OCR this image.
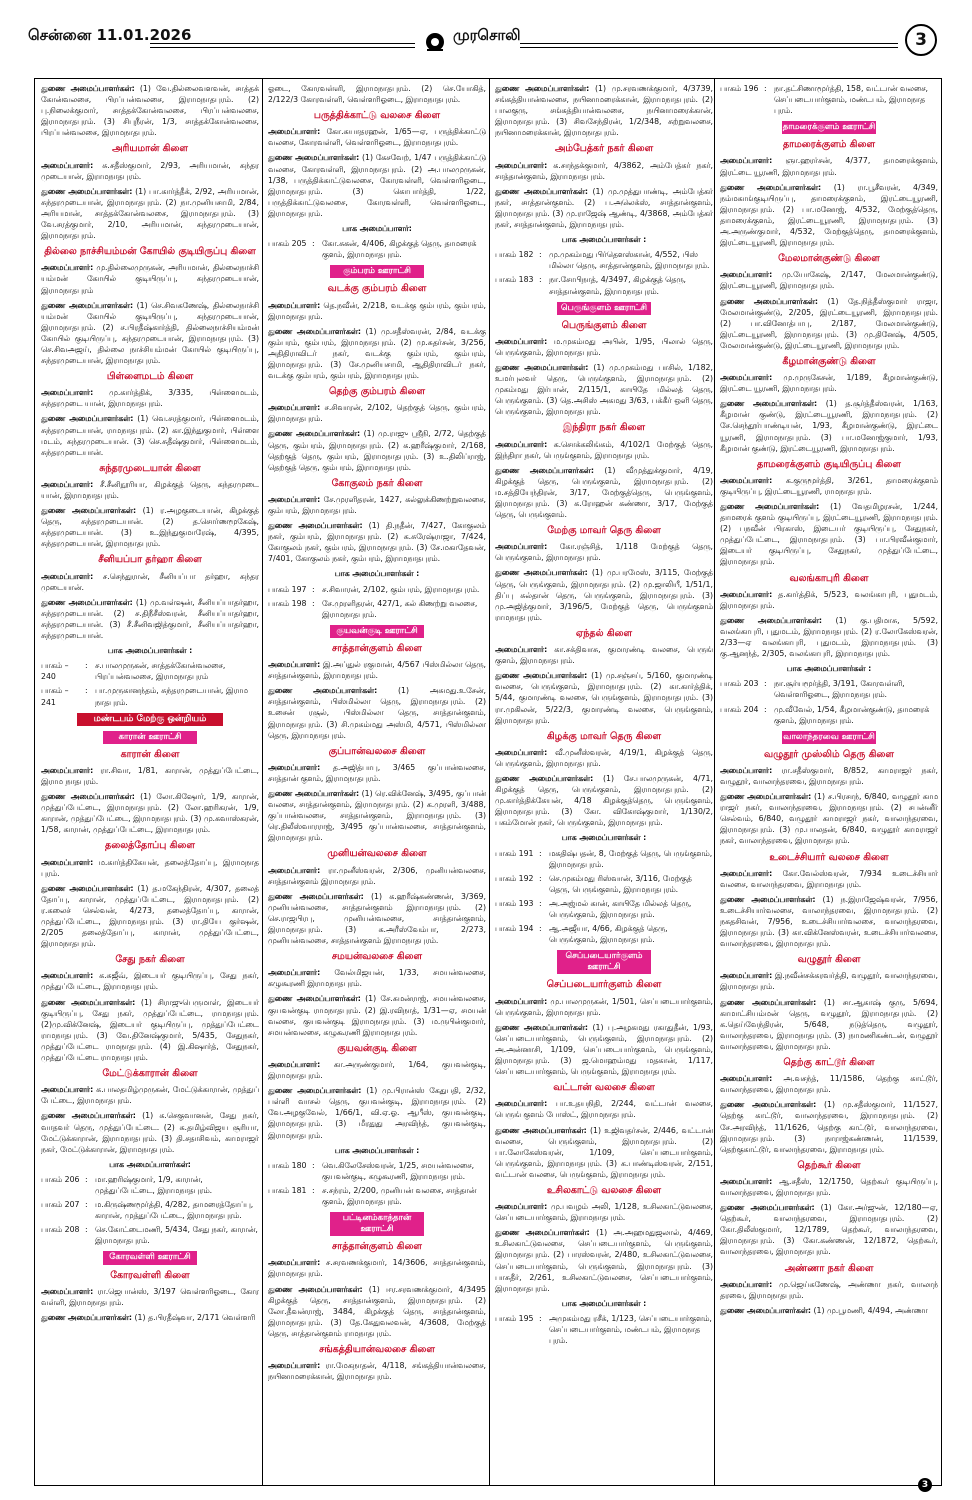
சென்னை 11.01.2026	முரசொலி	3

துணை அமைப்பாளர்கள்: (1) வே.தில்லைவளவன், சாத்தக் கோன்வலசை, பிரப்பன்வலசை, இராமநாதபுரம். (2) பு.நிலைக்குமார், சாத்தக்கோன்வலசை, பிரப்பன்வலசை, இராமநாதபுரம். (3) சிபுநீரன், 1/3, சாத்தக்கோன்வலசை, பிரப்பன்வலசை, இராமநாதபுரம்.

அரியமான் கிளை

அமைப்பாளர்: சு.சதீஸ்குமார், 2/93, அரியமான், சுந்தர முடையான், இராமநாதபுரம்.

துணை அமைப்பாளர்கள்: (1) பா.கார்த்தீக், 2/92, அரியமான், சுந்தரமுடையான், இராமநாதபுரம். (2) நா.முனியசாமி, 2/84, அரியமான், சாத்தக்கோன்வலசை, இராமநாதபுரம். (3) வே.சரத்குமார், 2/10, அரியமான், சுந்தரமுடையான், இராமநாதபுரம்.

தில்லை நாச்சியம்மன் கோயில் குடியிருப்பு கிளை

அமைப்பாளர்: மு.தில்லைமுருகன், அரியமான், தில்லைநாச்சி யம்மன் கோயில் குடியிருப்பு, சுந்தரமுடையான், இராமநாதபுரம்

துணை அமைப்பாளர்கள்: (1) செ.சிவகணேஷ், தில்லைநாச்சி யம்மன் கோயில் குடியிருப்பு, சுந்தரமுடையான், இராமநாதபுரம். (2) ச.பிரதீஷ்கார்த்தி, தில்லைநாச்சியம்மன் கோயில் குடியிருப்பு, சுந்தரமுடையான், இராமநாதபுரம். (3) செ.சிவஅஜய், தில்லை நாச்சியம்மன் கோயில் குடியிருப்பு, சுந்தரமுடையான், இராமநாதபுரம்.

பிள்ளைமடம் கிளை

அமைப்பாளர்: மு.கார்த்திக், 3/335, பிள்ளைமடம், சுந்தரமுடை யான், இராமநாதபுரம்.

துணை அமைப்பாளர்கள்: (1) வெ.சரத்குமார், பிள்ளைமடம், சுந்தரமுடையான், ராமநாதபுரம். (2) கா.இந்துகுமார், பிள்ளை மடம், சுந்தரமுடையான். (3) செ.சுதீஷ்குமார், பிள்ளைமடம், சுந்தரமுடையான்.

சுந்தரமுடையான் கிளை

அமைப்பாளர்: சீ.சீனிநூரியா, கிழக்குத் தெரு, சுந்தரமுடை யான், இராமநாதபுரம்.

துணை அமைப்பாளர்கள்: (1) ர.அழகுடையான், கிழக்குத் தெரு, சுந்தரமுடையான். (2) த.சொர்ணமூகேஷ், சுந்தரமுடையான். (3) உ.இந்துகுமாரேஷ், 4/395, சுந்தரமுடையான், இராமநாதபுரம்.

சீனியப்பா தர்ஹா கிளை

அமைப்பாளர்: ச.செந்துரான், சீனியப்பா தர்ஹா, சுந்தர முடையான்.

துணை அமைப்பாளர்கள்: (1) மு.வள்ஷன், சீனியப்பாதர்ஹா, சுந்தரமுடையான். (2) ச.திநீசீஸ்வரன், சீனியப்பாதர்ஹா, சுந்தரமுடையான். (3) சீ.சீனிவஜித்குமார், சீனியப்பாதர்ஹா, சுந்தரமுடையான்.

பாக அமைப்பாளர்கள் :
பாகம் – 240
: ச.பாலமுருகன், சாத்தக்கோன்வலசை, பிரப்பன்வலசை, இராமநாதபுரம்
பாகம் – 241
: பா.முருகானந்தம், சுந்தரமுடையான், இராம நாதபுரம்.
மண்டபம் மேற்கு ஒன்றியம்
காரான் ஊராட்சி
காரான் கிளை

அமைப்பாளர்: ரா.சிவா, 1/81, காரான், முத்துப்பேட்டை, இராம நாதபுரம்.

துணை அமைப்பாளர்கள்: (1) லோ.கிஷோர், 1/9, காரான், முத்துப்பேட்டை, இராமநாதபுரம். (2) லோ.ஹரிகரன், 1/9, காரான், முத்துப்பேட்டை, இராமநாதபுரம். (3) மு.கவாஸ்கரன், 1/58, காரான், முத்துப்பேட்டை, இராமநாதபுரம்.

தலைத்தோப்பு கிளை

அமைப்பாளர்: ம.கார்த்திகேயன், தலைத்தோப்பு, இராமநாத புரம்.

துணை அமைப்பாளர்கள்: (1) த.மகேந்திரன், 4/307, தலைத் தோப்பு, காரான், முத்துப்பேட்டை, இராமநாதபுரம். (2) ர.கலைச் செல்வன், 4/273, தலைத்தோப்பு, காரான், முத்துப்பேட்டை, இராமநாதபுரம். (3) ரா.தியே குர்ஷன், 2/205 தலைத்தோப்பு, காரான், முத்துப்பேட்டை, இராமநாதபுரம்.

சேது நகர் கிளை

அமைப்பாளர்: க.சுஜீவ், இடையர் குடியிருப்பு, சேது நகர், முத்துப்பேட்டை, இராமநாதபுரம்.

துணை அமைப்பாளர்கள்: (1) சிராஜுபெருமாள், இடையர் குடியிருப்பு, சேது நகர், முத்துப்பேட்டை, ராமநாதபுரம். (2)மு.விக்னேஷ், இடையர் குடியிருப்பு, முத்துப்பேட்டை ராமநாதபுரம். (3) வே.தினேஷ்குமார், 5/435, சேதுநகர், முத்துப்பேட்டை ராமநாதபுரம். (4) இ.கிஷார்த், சேதுநகர், முத்துப்பேட்டை ராமநாதபுரம்.

மேட்டுக்காரான் கிளை

அமைப்பாளர்: க.பாலதமிழ்முருகன், மேட்டுக்காரான், முத்துப் பேட்டை, இராமநாதபுரம்.

துணை அமைப்பாளர்கள்: (1) க.செகுவானன், சேது நகர், வாதவர் தெரு, முத்துப்பேட்டை. (2) க.தமிழ்விஜய சூரியா, மேட்டுக்காரான், இராமநாதபுரம். (3) தி.சதாசிவம், காமராஜர் நகர், மேட்டுக்காரான், இராமநாதபுரம்.

பாக அமைப்பாளர்கள்:
பாகம் 206 : மா.ஹரிஷ்குமார், 1/9, காரான், முத்துப்பேட்டை, இராமநாதபுரம்.
பாகம் 207 : ம.கிருஷ்ணமூர்த்தி, 4/282, தாமரைத்தோப்பு, காரான், முத்துப்பேட்டை, இராமநாதபுரம்.
பாகம் 208 : செ.கோட்டைமணி, 5/434, சேது நகர், காரான், இராமநாதபுரம்.
கோரவள்ளி ஊராட்சி
கோரவள்ளி கிளை

அமைப்பாளர்: ரா.ஜெபான்ஸ், 3/197 வெள்ளரிஓடை, கோர வள்ளி, இராமநாதபுரம்.

துணை அமைப்பாளர்கள்: (1) த.பிரதீஷ்வா, 2/171 வெள்ளரி

ஓடை, கோரவள்ளி, இராமநாதபுரம். (2) செ.யோகித், 2/122/3 கோரவள்ளி, வெள்ளரிஓடை, இராமநாதபுரம்.

பருத்திக்காட்டு வலசை கிளை

அமைப்பாளர்: கோ.கயாதரஹன், 1/65—ஏ, பருத்திக்காட்டு வலசை, கோரவள்ளி, வெள்ளரிஓடை, இராமநாதபுரம்.

துணை அமைப்பாளர்கள்: (1) கேசவேற், 1/47 பருத்திக்காட்டு வலசை, கோரவள்ளி, இராமநாதபுரம். (2) அ.பாலமுருகன், 1/38, பருத்திக்காட்டுவலசை, கோரவள்ளி, வெள்ளரிஓடை, இராமநாதபுரம். (3) கொபார்த்தி, 1/22, பருத்திக்காட்டுவலசை, கோரவள்ளி, வெள்ளரிஓடை, இராமநாதபுரம்.

பாக அமைப்பாளர்:
பாகம் 205 : கோ.சுகன், 4/406, கிழக்குத் தெரு, தாமரைக் குளம், இராமநாதபுரம்.
கும்பரம் ஊராட்சி
வடக்கு கும்பரம் கிளை

அமைப்பாளர்: தெ.நவீன், 2/218, வடக்கு கும்பரம், கும்பரம், இராமநாதபுரம்.

துணை அமைப்பாளர்கள்: (1) மு.சதீஸ்வரன், 2/84, வடக்கு கும்பரம், கும்பரம், இராமநாதபுரம். (2) மு.சுதர்சன், 3/256, அதிதிராவிடர் நகர், வடக்கு கும்பரம், கும்பரம், இராமநாதபுரம். (3) சே.முனியசாமி, ஆதிதிராவிடர் நகர், வடக்கு கும்பரம், கும்பரம், இராமநாதபுரம்.

தெற்கு கும்பரம் கிளை

அமைப்பாளர்: ச.சிவாரன், 2/102, தெற்குத் தெரு, கும்பரம், இராமநாதபுரம்.

துணை அமைப்பாளர்கள்: (1) மு.ராஜு ஸ்ரீநி, 2/72, தெற்குத் தெரு, கும்பரம், இராமநாதபுரம். (2) க.ஹரீஷ்குமார், 2/168, தெற்குத் தெரு, கும்பரம், இராமநாதபுரம். (3) உ.திலிப்ராஜ், தெற்குத் தெரு, கும்பரம், இராமநாதபுரம்.

கோகுலம் நகர் கிளை

அமைப்பாளர்: சே.முரளிதரன், 1427, கல்லுக்கிணற்றுவலசை, கும்பரம், இராமநாதபுரம்.

துணை அமைப்பாளர்கள்: (1) தி.நதீன், 7/427, கோகுலம் நகர், கும்பரம், இராமநாதபுரம். (2) க.சுரேஷ்ராஜா, 7/424, கோகுலம் நகர், கும்பரம், இராமநாதபுரம். (3) சே.மகாதேவன், 7/401, கோகுலம் நகர், கும்பரம், இராமநாதபுரம்.

பாக அமைப்பாளர்கள் :
பாகம் 197 : ச.சிவாரன், 2/102, கும்பரம், இராமநாதபுரம்.
பாகம் 198 : சே.முரளிதரன், 427/1, கல் கிணற்று வலசை, இராமநாதபுரம்.
குயவன்குடி ஊராட்சி
சாத்தான்குளம் கிளை

அமைப்பாளர்: இ.அப்துல் ரகுமான், 4/567 பிஸ்மில்லா தெரு, சாத்தான்குளம், இராமநாதபுரம்.

துணை அமைப்பாளர்கள்:	(1) அசுமது.உசேன், சாத்தான்குளம், பிஸ்மில்லா தெரு, இராமநாதபுரம். (2) உசைன் ரசூல், பிஸ்மில்லா தெரு, சாத்தான்குளம், இராமநாதபுரம். (3) சி.முகம்மது அஸ்மி, 4/571, பிஸ்மில்லா தெரு, இராமநாதபுரம்.

குப்பான்வலசை கிளை

அமைப்பாளர்: த.அஜித்பாபு, 3/465 குப்பான்வலசை, சாத்தான் குளம், இராமநாதபுரம்.

துணை அமைப்பாளர்கள்: (1) ரெ.விக்னேஷ், 3/495, குப்பான் வலசை, சாத்தான்குளம், இராமநாதபுரம். (2) க.முரளி, 3/488, குப்பான்வலசை, சாத்தான்குளம், இராமநாதபுரம். (3) ரெ.திலீஸ்வாரராஜ், 3/495 குப்பான்வலசை, சாத்தான்குளம், இராமநாதபுரம்.

முனியன்வலசை கிளை

அமைப்பாளர்: ரா.முனீஸ்வரன், 2/306, முனியன்வலசை, சாத்தான்குளம் இராமநாதபுரம்.

துணை அமைப்பாளர்கள்: (1) க.ஹரீஷ்கண்ணன், 3/369, முனியன்வலசை, சாத்தான்குளம் இராமநாதபுரம். (2) செ.ராஜபிரபு, முனியன்வலசை, சாத்தான்குளம், இராமநாதபுரம். (3) க.அரீஸ்வேம்பா, 2/273, முனியன்வலசை, சாத்தான்குளம் இராமநாதபுரம்.

சமயன்வலசை கிளை

அமைப்பாளர்: வேல்மிஜயன், 1/33, சமயன்வலசை, கழுகூரணி இராமநாதபுரம்.

துணை அமைப்பாளர்கள்: (1) சே.சுமன்ராஜ், சமயன்வலசை, குயவன்குடி ராமநாதபுரம். (2) இ.ரவிநாத், 1/31—ஏ, சமயன் வலசை, குயவன்குடி இராமநாதபுரம். (3) ம.ருபின்குமார், சமயன்வலசை, கழுகூரணி இராமநாதபுரம்.

குயவன்குடி கிளை

அமைப்பாளர்: கா.அருண்குமார், 1/64, குயவன்குடி, இராமநாதபுரம்.

துணை அமைப்பாளர்கள்: (1) மு.பிரான்ஸ் கேதுபதி, 2/32, பள்ளி வாசல் தெரு, குயவன்குடி, இராமநாதபுரம். (2) வே.அழகுவேல், 1/66/1, வி.ஏ.ஓ. ஆபீஸ், குயவன்குடி, இராமநாதபுரம். (3) மீரதுது அரவிந்த், குயவன்குடி, இராமநாதபுரம்.

பாக அமைப்பாளர்கள் :
பாகம் 180 : வெ.கிலேசேஸ்வரன், 1/25, சமயன்வலசை, குயவன்குடி, கழுகூரணி, இராமநாதபுரம்.
பாகம் 181 : ச.சந்ரம், 2/200, முனியன் வலசை, சாத்தான் குளம், இராமநாதபுரம்.
பட்டினம்காத்தான் ஊராட்சி
சாத்தான்குளம் கிளை

அமைப்பாளர்: ச.சரவணக்குமார், 14/3606, சாத்தான்குளம், இராமநாதபுரம்.

துணை அமைப்பாளர்கள்: (1) ஈர.சரவணக்குமார், 4/3495 கிழக்குத் தெரு, சாத்தான்குளம், இராமநாதபுரம். (2) லோ.தீவன்ராஜ், 3484, கிழக்குத் தெரு, சாத்தான்குளம், இராமநாதபுரம். (3) தே.கேதுவலவன், 4/3608, மேற்குத் தெரு, சாத்தான்குளம் ராமநாதபுரம்.

சங்கத்தியான்வலசை கிளை

அமைப்பாளர்: ரா.மேகநாதன், 4/118, சங்கத்தியான்வலசை, நயினாமரைக்கான், இராமநாதபுரம்.

துணை அமைப்பாளர்கள்: (1) மு.சரவணக்குமார், 4/3739, சங்கத்தியான்வலசை, நயினாமரைக்கான், இராமநாதபுரம். (2) பாலகுரு, சங்கத்தியான்வலசை, நயினாமரைக்கான், இராமநாதபுரம். (3) சிவசேந்திரன், 1/2/348, சுற்றுவலசை, நயினாமரைக்கான், இராமநாதபுரம்.

அம்பேத்கர் நகர் கிளை

அமைப்பாளர்: க.சாந்தக்குமார், 4/3862, அம்பேத்கர் நகர், சாத்தான்குளம், இராமநாதபுரம்.

துணை அமைப்பாளர்கள்: (1) மு.முத்துபாண்டி, அம்பேத்கர் நகர், சாத்தான்குளம். (2) ப.அலெக்ஸ், சாத்தான்குளம், இராமநாதபுரம். (3) மு.ராஜேஷ் ஆண்டி, 4/3868, அம்பேத்கர் நகர், சாத்தான்குளம், இராமநாதபுரம்.

பாக அமைப்பாளர்கள் :
பாகம் 182 : மு.முகம்மது பிர்தௌஸ்கான், 4/552, பிஸ் மில்லா தெரு, சாத்தான்குளம், இராமநாதபுரம்.
பாகம் 183 : நா.சோபிநாத், 4/3497, கிழக்குத் தெரு, சாத்தான்குளம், இராமநாதபுரம்.
பெருங்குளம் ஊராட்சி
பெருங்குளம் கிளை

அமைப்பாளர்: ம.முகம்மது அபின், 1/95, பிலால் தெரு, பெருங்குளம், இராமநாதபுரம்.

துணை அமைப்பாளர்கள்: (1) மு.முகம்மது பாசில், 1/182, உமர்புலவர் தெரு, பெருங்குளம், இராமநாதபுரம். (2) முகம்மது இர்பான், 2/115/1, காயிதே மில்லத் தெரு, பெருங்குளம். (3) தெ.அசிஸ் அகமது 3/63, பக்கீர் ஒளி தெரு, பெருங்குளம், இராமநாதபுரம்.

இந்திரா நகர் கிளை

அமைப்பாளர்: க.சொக்கலிங்கம், 4/102/1 மேற்குத் தெரு, இந்திரா நகர், பெருங்குளம், இராமநாதபுரம்.

துணை அமைப்பாளர்கள்: (1) வீமுத்துக்குமார், 4/19, கிழக்குத் தெரு, பெருங்குளம், இராமநாதபுரம். (2) ம.சத்தியேந்திரன், 3/17, மேற்குத்தெரு, பெருங்குளம், இராமநாதபுரம். (3) க.ரோஹன் கண்ணா, 3/17, மேற்குத் தெரு, பெருங்குளம்.

மேற்கு மாவர் தெரு கிளை

அமைப்பாளர்: கோ.ரஞ்சித், 1/118 மேற்குத் தெரு, பெருங்குளம், இராமநாதபுரம்.

துணை அமைப்பாளர்கள்: (1) மு.பரமேஸ், 3/115, மேற்குத் தெரு, பெருங்குளம், இராமநாதபுரம். (2) மு.ஜாலியீ, 1/51/1, திப்பு சுல்தான் தெரு, பெருங்குளம், இராமநாதபுரம். (3) மு.அஜித்குமார், 3/196/5, மேற்குத் தெரு, பெருங்குளம் ராமநாதபுரம்.

ஏந்தல் கிளை

அமைப்பாளர்: கா.சக்திவாசு, குமாரண்டி வலசை, பெருங் குளம், இராமநாதபுரம்.

துணை அமைப்பாளர்கள்: (1) மு.சஞ்சய், 5/160, குமாரண்டி வலசை, பெருங்குளம், இராமநாதபுரம். (2) கா.கார்த்திக், 5/44, குமாரண்டி வலசை, பெருங்குளம், இராமநாதபுரம். (3) ரா.முகிலன், 5/22/3, குமாரண்டி வலசை, பெருங்குளம், இராமநாதபுரம்.

கிழக்கு மாவர் தெரு கிளை

அமைப்பாளர்: வீ.முனீஸ்வரன், 4/19/1, கிழக்குத் தெரு, பெருங்குளம், இராமநாதபுரம்.

துணை அமைப்பாளர்கள்: (1) சே.பாலமுருகன், 4/71, கிழக்குத் தெரு, பெருங்குளம், இராமநாதபுரம். (2) மு.கார்த்திக்கேயன், 4/18 கிழக்குத்தெரு, பெருங்குளம், இராமநாதபுரம். (3) கோ. விகோஷ்குமார், 1/130/2, பகம்மோன் நகர், பெருங்குளம், இராமநாதபுரம்.

பாக அமைப்பாளர்கள் :
பாகம் 191 : மகதிஷ்பதன், 8, மேற்குத் தெரு, பெருங்குளம், இராமநாதபுரம்.
பாகம் 192 : செ.முகம்மது ரிஸ்வான், 3/116, மேற்குத் தெரு, பெருங்குளம், இராமநாதபுரம்.
பாகம் 193 : அ.அஜ்மல் கான், காயிதே மில்லத் தெரு, பெருங்குளம், இராமநாதபுரம்.
பாகம் 194 : ஆ.அஜீயா, 4/66, கிழக்குத் தெரு, பெருங்குளம், இராமநாதபுரம்.
செப்படையார்குளம் ஊராட்சி
செப்படையார்குளம் கிளை

அமைப்பாளர்: மு.பாலமுருகன், 1/501, செப்படையார்குளம், பெருங்குளம், இராமநாதபுரம்.

துணை அமைப்பாளர்கள்: (1) பு.அழகமது ரகாதுதீன், 1/93, செப்படையார்குளம், பெருங்குளம், இராமநாதபுரம். (2) அ.அன்னாசி, 1/109, செப்படையார்குளம், பெருங்குளம், இராமநாதபுரம். (3) ஜ.மொஹம்மது மதகான், 1/117, செப்படையார்குளம், பெருங்குளம், இராமநாதபுரம்.

வட்டான் வலசை கிளை

அமைப்பாளர்: பா.உதயநிதி, 2/244, வட்டான் வலசை, பெருங் குளம் போஸ்ட், இராமநாதபுரம்.

துணை அமைப்பாளர்கள்: (1) உஜிவதர்சன், 2/446, வட்டான் வலசை, பெருங்குளம், இராமநாதபுரம். (2) பா.லோகேஸ்வரன், 1/109, செப்படையார்குளம், பெருங்குளம், இராமநாதபுரம். (3) க.பாண்டிஸ்வரன், 2/151, வட்டான் வலசை, பெருங்குளம், இராமநாதபுரம்.

உசிலகாட்டு வலசை கிளை

அமைப்பாளர்: மு.பவழம் அலி, 1/128, உசிலகாட்டுவலசை, செப்படையார்குளம், இராமநாதபுரம்.

துணை அமைப்பாளர்கள்: (1) அ.அஹமதுஜலால், 4/469, உசிலகாட்டுவலசை, செப்படையார்குளம், பெருங்குளம், இராமநாதபுரம். (2) பாரஸ்வரன், 2/480, உசிலகாட்டுவலசை, செப்படையார்குளம், பெருங்குளம், இராமநாதபுரம். (3) பாசுதீர், 2/261, உசிலகாட்டுவலசை, செப்படையார்குளம், இராமநாதபுரம்.

பாக அமைப்பாளர்கள் :
பாகம் 195 : அமுகம்மது ரசீக், 1/123, செப்படையார்குளம், செப்படையார்குளம், மண்டபம், இராமநாத புரம்.
பாகம் 196 : நா.தட்சிணாமூர்த்தி, 158, வட்டான் வலசை, செப்படையார்குளம், மண்டபம், இராமநாத புரம்.
தாமரைக்குளம் ஊராட்சி
தாமரைக்குளம் கிளை

அமைப்பாளர்: ஞா.ஹரர்சன், 4/377, தாமரைக்குளம், இரட்டை யூரணி, இராமநாதபுரம்.

துணை அமைப்பாளர்கள்: (1) ரா.பூசீவரன், 4/349, நம்மகாங்குடியிருப்பு, தாமரைக்குளம், இரட்டையூரணி, இராமநாதபுரம். (2) பா.மனோஜ், 4/532, மேற்குத்தெரு, தாமரைக்குளம், இரட்டையூரணி, இராமநாதபுரம். (3) அ.அருண்குமார், 4/532, மேற்குத்தெரு, தாமரைக்குளம், இரட்டையூரணி, இராமநாதபுரம்.

மேலமான்குண்டு கிளை

அமைப்பாளர்: மு.யோகேஷ், 2/147, மேலமான்குண்டு, இரட்டையூரணி, இராமநாதபுரம்.

துணை அமைப்பாளர்கள்: (1) தே.நித்தீஸ்குமார் ராஜா, மேலமான்குண்டு, 2/205, இரட்டையூரணி, இராமநாதபுரம். (2) பா.வினோத்பாபு, 2/187, மேலமான்குண்டு, இரட்டையூரணி, இராமநாதபுரம். (3) மு.தினேஷ், 4/505, மேலமான்குண்டு, இரட்டையூரணி, இராமநாதபுரம்.

கீழமான்குண்டு கிளை

அமைப்பாளர்: மு.முருகேசன், 1/189, கீழமான்குண்டு, இரட்டை யூரணி, இராமநாதபுரம்.

துணை அமைப்பாளர்கள்: (1) த.சூர்த்தீஸ்வரன், 1/163, கீழமான் குண்டு, இரட்டையூரணி, இராமநாதபுரம். (2) சே.செந்தூர்பாண்டியன், 1/93, கீழமான்குண்டு, இரட்டை யூரணி, இராமநாதபுரம். (3) பா.மனோஜ்குமார், 1/93, கீழமான் குண்டு, இரட்டையூரணி, இராமநாதபுரம்.

தாமரைக்குளம் குடியிருப்பு கிளை

அமைப்பாளர்: க.குருமூர்த்தி, 3/261, தாமரைக்குளம் குடியிருப்பு, இரட்டையூரணி, ராமநாதபுரம்.

துணை அமைப்பாளர்கள்: (1) வேதமிழரசன், 1/244, தாமரைக் குளம் குடியிருப்பு, இரட்டையூரணி, இராமநாதபுரம். (2) பநவீன் பிரகாஸ், இடையர் குடியிருப்பு, சேதுநகர், முத்துப்பேட்டை, இராமநாதபுரம். (3) பா.பிரவீன்குமார், இடையர் குடியிருப்பு, சேதுநகர், முத்துப்பேட்டை, இராமநாதபுரம்.

வலங்காபுரி கிளை

அமைப்பாளர்: த.கார்த்திக், 5/523, வலங்காபுரி, புதுமடம், இராமநாதபுரம்.

துணை அமைப்பாளர்கள்: (1) கு.பதிமாசு, 5/592, வலங்காபுரி, புதுமடம், இராமநாதபுரம். (2) ர.லோகேஸ்வரன், 2/33—ஏ வலங்காபுரி, புதுமடம், இராமநாதபுரம். (3) கு.ஆனந்த், 2/305, வலங்காபுரி, இராமநாதபுரம்.

பாக அமைப்பாளர்கள் :
பாகம் 203 : நா.சூர்யமூர்த்தி, 3/191, கோரவள்ளி, வெள்ளரிஓடை, இராமநாதபுரம்.
பாகம் 204 : மு.வீவேல், 1/54, கீழமான்குண்டு, தாமரைக் குளம், இராமநாதபுரம்.
வாலாந்தரவை ஊராட்சி
வழுதூர் முஸ்லிம் தெரு கிளை

அமைப்பாளர்: ரா.சதீஸ்குமார், 8/852, காமராஜர் நகர், வழுதூர், வாலாந்தரவை, இராமநாதபுரம்.

துணை அமைப்பாளர்கள்: (1) ச.பிரசாந், 6/840, வழுதூர் காம ராஜர் நகர், வாலாந்தரவை, இராமநாதபுரம். (2) சபன்னீர் செல்வம், 6/840, வழுதூர் காமராஜர் நகர், வாலாந்தரவை, இராமநாதபுரம். (3) மு.பாலதன், 6/840, வழுதூர் காமராஜர் நகர், வாலாந்தரவை, இராமநாதபுரம்.

உடைச்சியார் வலசை கிளை

அமைப்பாளர்: கோ.வேல்ஸ்வரன், 7/934 உடைச்சியார் வலசை, வாலாந்தரவை, இராமநாதபுரம்.

துணை அமைப்பாளர்கள்: (1) ந.இராஜேஷ்வரன், 7/956, உடைச்சியார்வலசை, வாலாந்தரவை, இராமநாதபுரம். (2) நகதசிவன், 7/956, உடைச்சியார்வலசை, வாலாந்தரவை, இராமநாதபுரம். (3) கா.விக்னேஸ்வரன், உடைச்சியார்வலசை, வாலாந்தரவை, இராமநாதபுரம்.

வழுதூர் கிளை

அமைப்பாளர்: இ.நவீன்சக்கரவர்த்தி, வழுதூர், வாலாந்தரவை, இராமநாதபுரம்.

துணை அமைப்பாளர்கள்: (1) சா.ஆகாஷ் குரு, 5/694, காமாட்சியம்மன் தெரு, வழுதூர், இராமநாதபுரம். (2) க.தெய்வேந்திரன், 5/648, நடுத்தெரு, வழுதூர், வாலாந்தரவை, இராமநாதபுரம். (3) நாமணிகண்டன், வழுதூர் வாலாந்தரவை, இராமநாதபுரம்.

தெற்கு காட்டூர் கிளை

அமைப்பாளர்: அ.வசந்த், 11/1586, தெற்கு காட்டூர், வாலாந்தரவை, இராமநாதபுரம்.

துணை அமைப்பாளர்கள்: (1) மு.சதீஸ்குமார், 11/1527, தெற்கு காட்டூர், வாலாந்தரவை, இராமநாதபுரம். (2) சே.அரவிந்த், 11/1626, தெற்கு காட்டூர், வாலாந்தரவை, இராமநாதபுரம். (3) நாராஜ்கண்ணன், 11/1539, தெற்குகாட்டூர், வாலாந்தரவை, இராமநாதபுரம்.

தெற்கூர் கிளை

அமைப்பாளர்: ஆ.சதீஸ், 12/1750, தெற்கூர் குடியிருப்பு, வாலாந்தரவை, இராமநாதபுரம்.

துணை அமைப்பாளர்கள்: (1) கோ.அர்ஜுன், 12/180—ஏ, தெற்கூர், வாலாந்தரவை, இராமநாதபுரம். (2) கோ.திலீஸ்குமார், 12/1789, தெற்கூர், வாலாந்தரவை, இராமநாதபுரம். (3) கோ.கண்ணன், 12/1872, தெற்கூர், வாலாந்தரவை, இராமநாதபுரம்.

அண்ணா நகர் கிளை

அமைப்பாளர்: மு.ஜெய்கணேஷ், அண்ணா நகர், வாலாந் தரவை, இராமநாதபுரம்.

துணை அமைப்பாளர்கள்: (1) மு.பூமணி, 4/494, அண்ணா

3
